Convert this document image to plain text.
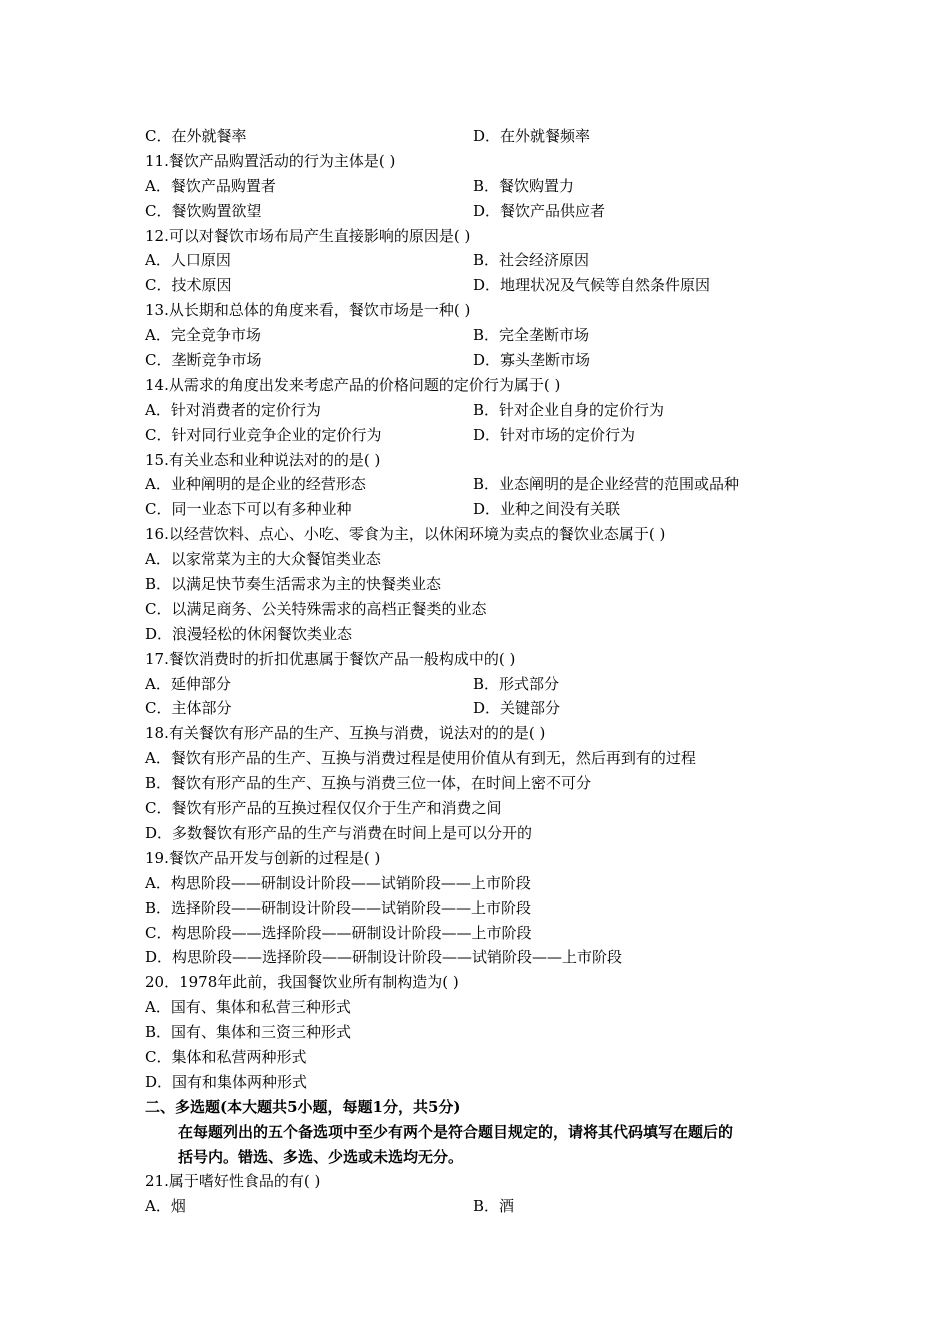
C．在外就餐率	D．在外就餐频率
11.餐饮产品购置活动的行为主体是( )
A．餐饮产品购置者	B．餐饮购置力
C．餐饮购置欲望	D．餐饮产品供应者
12.可以对餐饮市场布局产生直接影响的原因是( )
A．人口原因	B．社会经济原因
C．技术原因	D．地理状况及气候等自然条件原因
13.从长期和总体的角度来看，餐饮市场是一种( )
A．完全竞争市场	B．完全垄断市场
C．垄断竞争市场	D．寡头垄断市场
14.从需求的角度出发来考虑产品的价格问题的定价行为属于( )
A．针对消费者的定价行为	B．针对企业自身的定价行为
C．针对同行业竞争企业的定价行为	D．针对市场的定价行为
15.有关业态和业种说法对的的是( )
A．业种阐明的是企业的经营形态	B．业态阐明的是企业经营的范围或品种
C．同一业态下可以有多种业种	D．业种之间没有关联
16.以经营饮料、点心、小吃、零食为主，以休闲环境为卖点的餐饮业态属于( )
A．以家常菜为主的大众餐馆类业态
B．以满足快节奏生活需求为主的快餐类业态
C．以满足商务、公关特殊需求的高档正餐类的业态
D．浪漫轻松的休闲餐饮类业态
17.餐饮消费时的折扣优惠属于餐饮产品一般构成中的( )
A．延伸部分	B．形式部分
C．主体部分	D．关键部分
18.有关餐饮有形产品的生产、互换与消费，说法对的的是( )
A．餐饮有形产品的生产、互换与消费过程是使用价值从有到无，然后再到有的过程
B．餐饮有形产品的生产、互换与消费三位一体，在时间上密不可分
C．餐饮有形产品的互换过程仅仅介于生产和消费之间
D．多数餐饮有形产品的生产与消费在时间上是可以分开的
19.餐饮产品开发与创新的过程是( )
A．构思阶段——研制设计阶段——试销阶段——上市阶段
B．选择阶段——研制设计阶段——试销阶段——上市阶段
C．构思阶段——选择阶段——研制设计阶段——上市阶段
D．构思阶段——选择阶段——研制设计阶段——试销阶段——上市阶段
20．1978年此前，我国餐饮业所有制构造为( )
A．国有、集体和私营三种形式
B．国有、集体和三资三种形式
C．集体和私营两种形式
D．国有和集体两种形式
二、多选题(本大题共5小题，每题1分，共5分)
在每题列出的五个备选项中至少有两个是符合题目规定的，请将其代码填写在题后的
括号内。错选、多选、少选或未选均无分。
21.属于嗜好性食品的有( )
A．烟	B．酒
